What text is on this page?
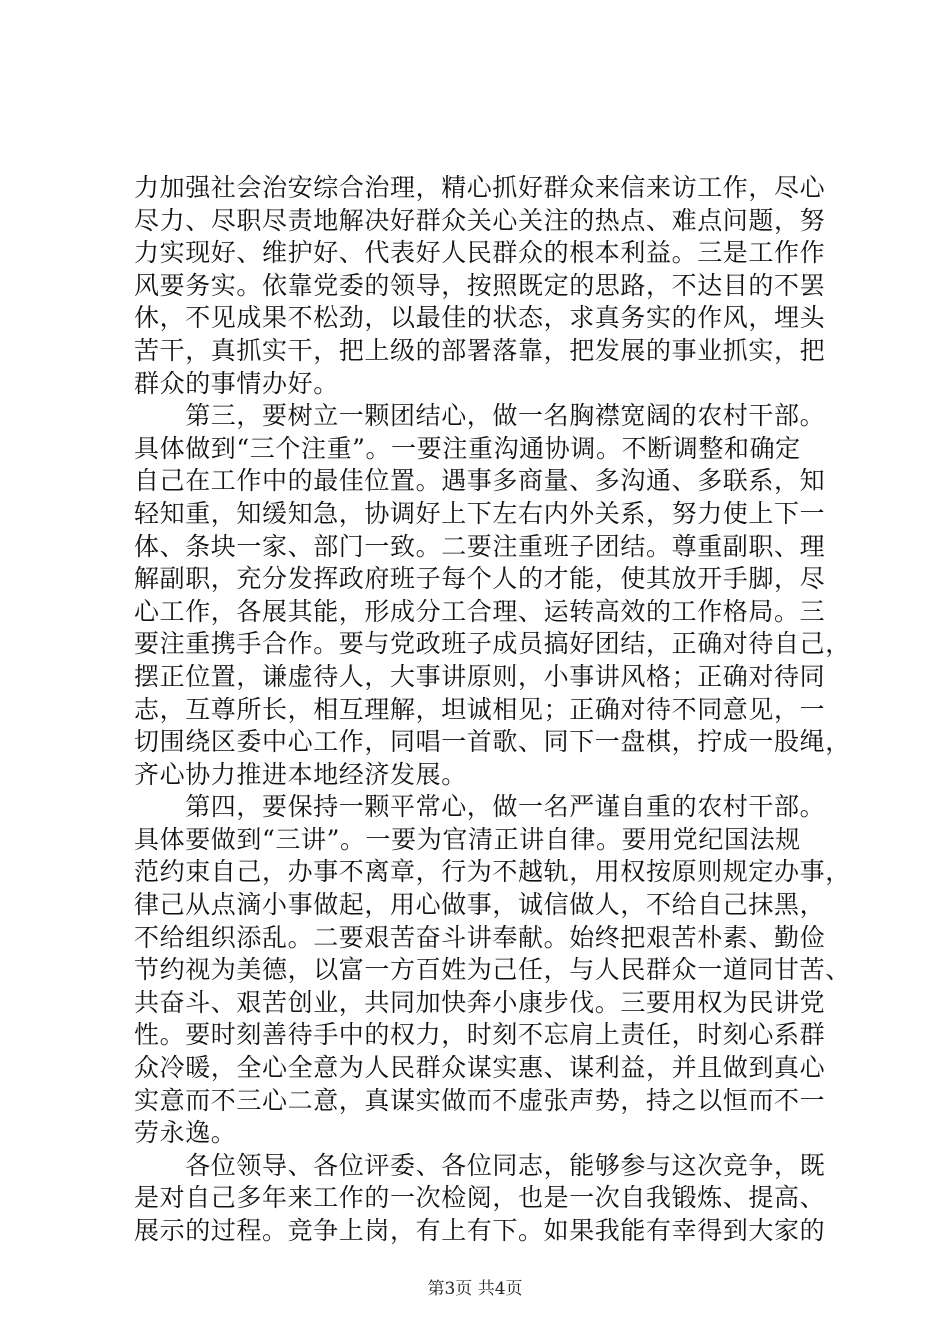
力加强社会治安综合治理，精心抓好群众来信来访工作，尽心
尽力、尽职尽责地解决好群众关心关注的热点、难点问题，努
力实现好、维护好、代表好人民群众的根本利益。三是工作作
风要务实。依靠党委的领导，按照既定的思路，不达目的不罢
休，不见成果不松劲，以最佳的状态，求真务实的作风，埋头
苦干，真抓实干，把上级的部署落靠，把发展的事业抓实，把
群众的事情办好。
　　第三，要树立一颗团结心，做一名胸襟宽阔的农村干部。
具体做到“三个注重”。一要注重沟通协调。不断调整和确定
自己在工作中的最佳位置。遇事多商量、多沟通、多联系，知
轻知重，知缓知急，协调好上下左右内外关系，努力使上下一
体、条块一家、部门一致。二要注重班子团结。尊重副职、理
解副职，充分发挥政府班子每个人的才能，使其放开手脚，尽
心工作，各展其能，形成分工合理、运转高效的工作格局。三
要注重携手合作。要与党政班子成员搞好团结，正确对待自己，
摆正位置，谦虚待人，大事讲原则，小事讲风格；正确对待同
志，互尊所长，相互理解，坦诚相见；正确对待不同意见，一
切围绕区委中心工作，同唱一首歌、同下一盘棋，拧成一股绳，
齐心协力推进本地经济发展。
　　第四，要保持一颗平常心，做一名严谨自重的农村干部。
具体要做到“三讲”。一要为官清正讲自律。要用党纪国法规
范约束自己，办事不离章，行为不越轨，用权按原则规定办事，
律己从点滴小事做起，用心做事，诚信做人，不给自己抹黑，
不给组织添乱。二要艰苦奋斗讲奉献。始终把艰苦朴素、勤俭
节约视为美德，以富一方百姓为己任，与人民群众一道同甘苦、
共奋斗、艰苦创业，共同加快奔小康步伐。三要用权为民讲党
性。要时刻善待手中的权力，时刻不忘肩上责任，时刻心系群
众冷暖，全心全意为人民群众谋实惠、谋利益，并且做到真心
实意而不三心二意，真谋实做而不虚张声势，持之以恒而不一
劳永逸。
　　各位领导、各位评委、各位同志，能够参与这次竞争，既
是对自己多年来工作的一次检阅，也是一次自我锻炼、提高、
展示的过程。竞争上岗，有上有下。如果我能有幸得到大家的
第3页 共4页
